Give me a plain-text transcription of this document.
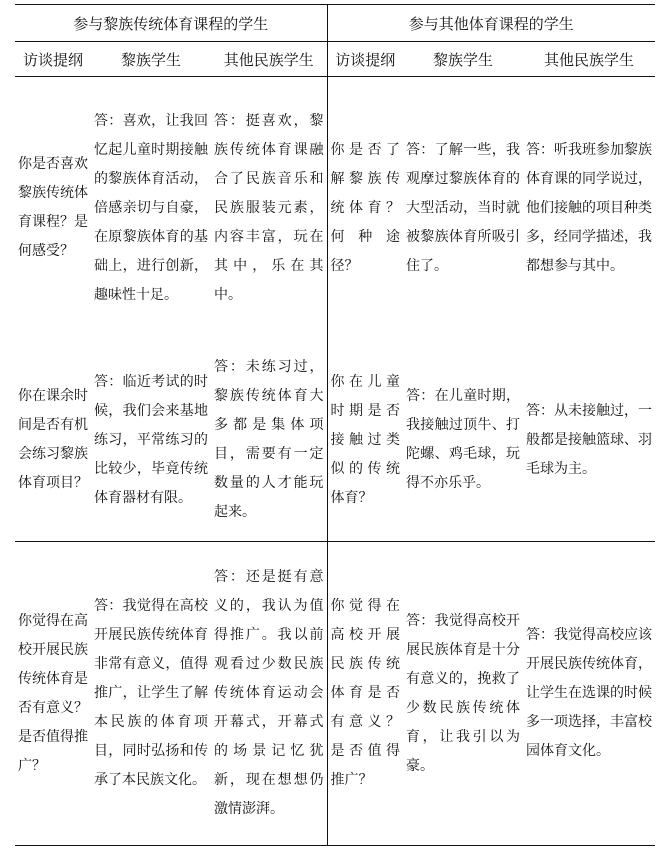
参与黎族传统体育课程的学生			参与其他体育课程的学生		
访谈提纲	黎族学生	其他民族学生	访谈提纲	黎族学生	其他民族学生
你是否喜欢黎族传统体育课程？是何感受？	答：喜欢，让我回忆起儿童时期接触的黎族体育活动，倍感亲切与自豪，在原黎族体育的基础上，进行创新，趣味性十足。	答：挺喜欢，黎族传统体育课融合了民族音乐和民族服装元素，内容丰富，玩在其中，乐在其中。	你是否了解黎族传统体育？何种途径？	答：了解一些，我观摩过黎族体育的大型活动，当时就被黎族体育所吸引住了。	答：听我班参加黎族体育课的同学说过，他们接触的项目种类多，经同学描述，我都想参与其中。
你在课余时间是否有机会练习黎族体育项目？	答：临近考试的时候，我们会来基地练习，平常练习的比较少，毕竟传统体育器材有限。	答：未练习过，黎族传统体育大多都是集体项目，需要有一定数量的人才能玩起来。	你在儿童时期是否接触过类似的传统体育？	答：在儿童时期，我接触过顶牛、打陀螺、鸡毛球，玩得不亦乐乎。	答：从未接触过，一般都是接触篮球、羽毛球为主。
你觉得在高校开展民族传统体育是否有意义？是否值得推广？	答：我觉得在高校开展民族传统体育非常有意义，值得推广，让学生了解本民族的体育项目，同时弘扬和传承了本民族文化。	答：还是挺有意义的，我认为值得推广。我以前观看过少数民族传统体育运动会开幕式，开幕式的场景记忆犹新，现在想想仍激情澎湃。	你觉得在高校开展民族传统体育是否有意义？是否值得推广？	答：我觉得高校开展民族体育是十分有意义的，挽救了少数民族传统体育，让我引以为豪。	答：我觉得高校应该开展民族传统体育，让学生在选课的时候多一项选择，丰富校园体育文化。
